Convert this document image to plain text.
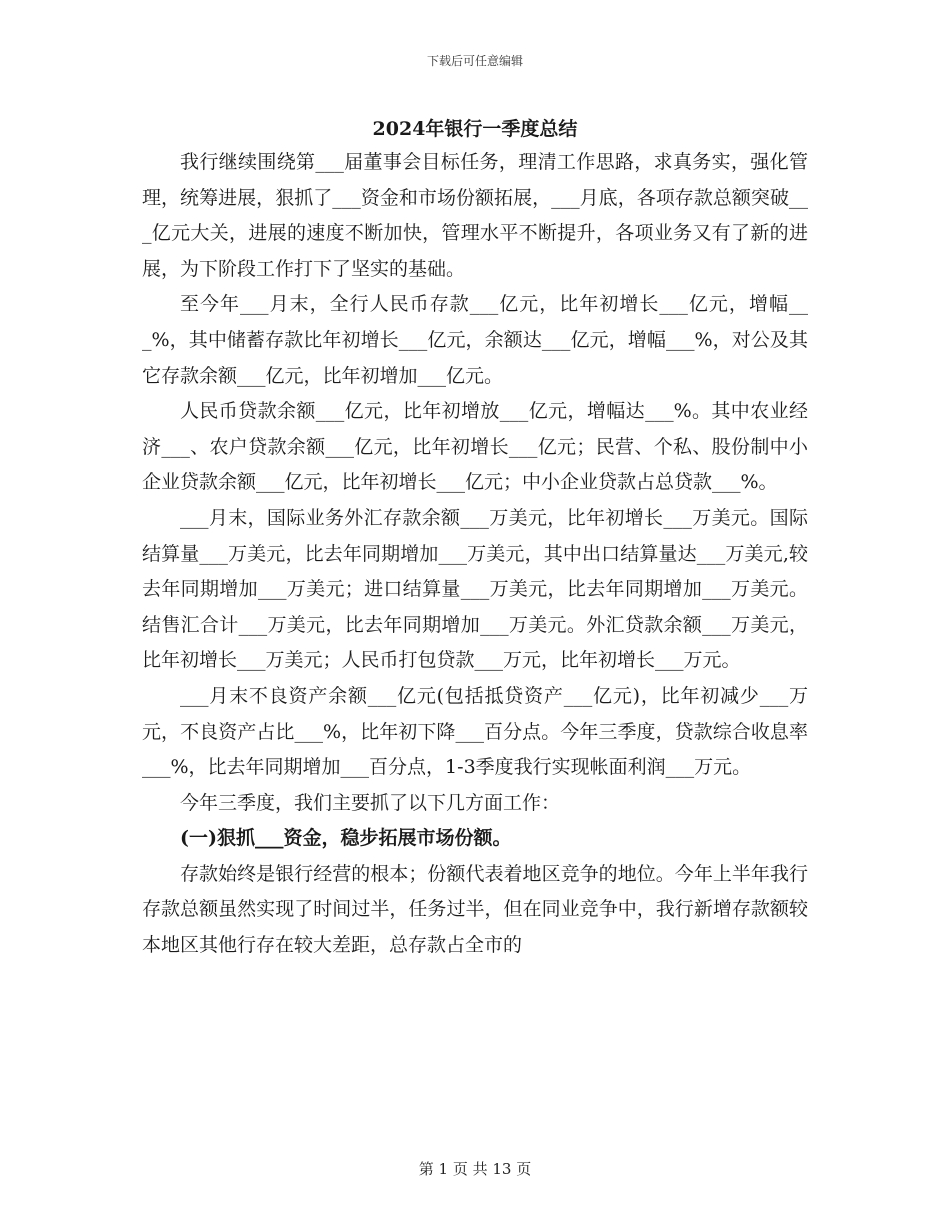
下载后可任意编辑
2024年银行一季度总结

我行继续围绕第___届董事会目标任务，理清工作思路，求真务实，强化管理，统筹进展，狠抓了___资金和市场份额拓展，___月底，各项存款总额突破___亿元大关，进展的速度不断加快，管理水平不断提升，各项业务又有了新的进展，为下阶段工作打下了坚实的基础。

至今年___月末，全行人民币存款___亿元，比年初增长___亿元，增幅___%，其中储蓄存款比年初增长___亿元，余额达___亿元，增幅___%，对公及其它存款余额___亿元，比年初增加___亿元。

人民币贷款余额___亿元，比年初增放___亿元，增幅达___%。其中农业经济___、农户贷款余额___亿元，比年初增长___亿元；民营、个私、股份制中小企业贷款余额___亿元，比年初增长___亿元；中小企业贷款占总贷款___%。

___月末，国际业务外汇存款余额___万美元，比年初增长___万美元。国际结算量___万美元，比去年同期增加___万美元，其中出口结算量达___万美元,较去年同期增加___万美元；进口结算量___万美元，比去年同期增加___万美元。结售汇合计___万美元，比去年同期增加___万美元。外汇贷款余额___万美元，比年初增长___万美元；人民币打包贷款___万元，比年初增长___万元。

___月末不良资产余额___亿元(包括抵贷资产___亿元)，比年初减少___万元，不良资产占比___%，比年初下降___百分点。今年三季度，贷款综合收息率___%，比去年同期增加___百分点，1-3季度我行实现帐面利润___万元。

今年三季度，我们主要抓了以下几方面工作：

(一)狠抓___资金，稳步拓展市场份额。

存款始终是银行经营的根本；份额代表着地区竞争的地位。今年上半年我行存款总额虽然实现了时间过半，任务过半，但在同业竞争中，我行新增存款额较本地区其他行存在较大差距，总存款占全市的

第 1 页 共 13 页
